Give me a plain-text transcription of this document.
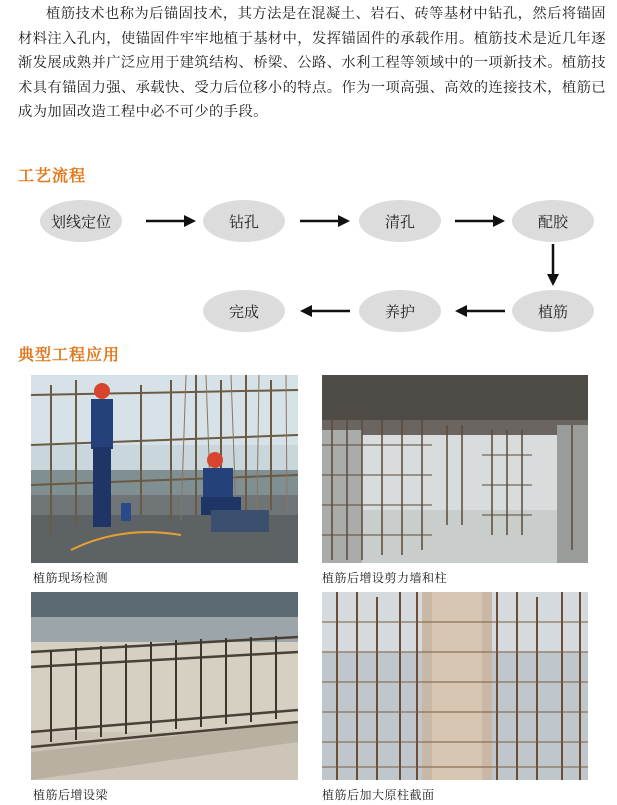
植筋技术也称为后锚固技术，其方法是在混凝土、岩石、砖等基材中钻孔，然后将锚固材料注入孔内，使锚固件牢牢地植于基材中，发挥锚固件的承载作用。植筋技术是近几年逐渐发展成熟并广泛应用于建筑结构、桥梁、公路、水利工程等领域中的一项新技术。植筋技术具有锚固力强、承载快、受力后位移小的特点。作为一项高强、高效的连接技术，植筋已成为加固改造工程中必不可少的手段。

工艺流程
划线定位	钻孔	清孔	配胶
植筋
养护
完成
典型工程应用
植筋现场检测	植筋后增设剪力墙和柱
植筋后增设梁	植筋后加大原柱截面
